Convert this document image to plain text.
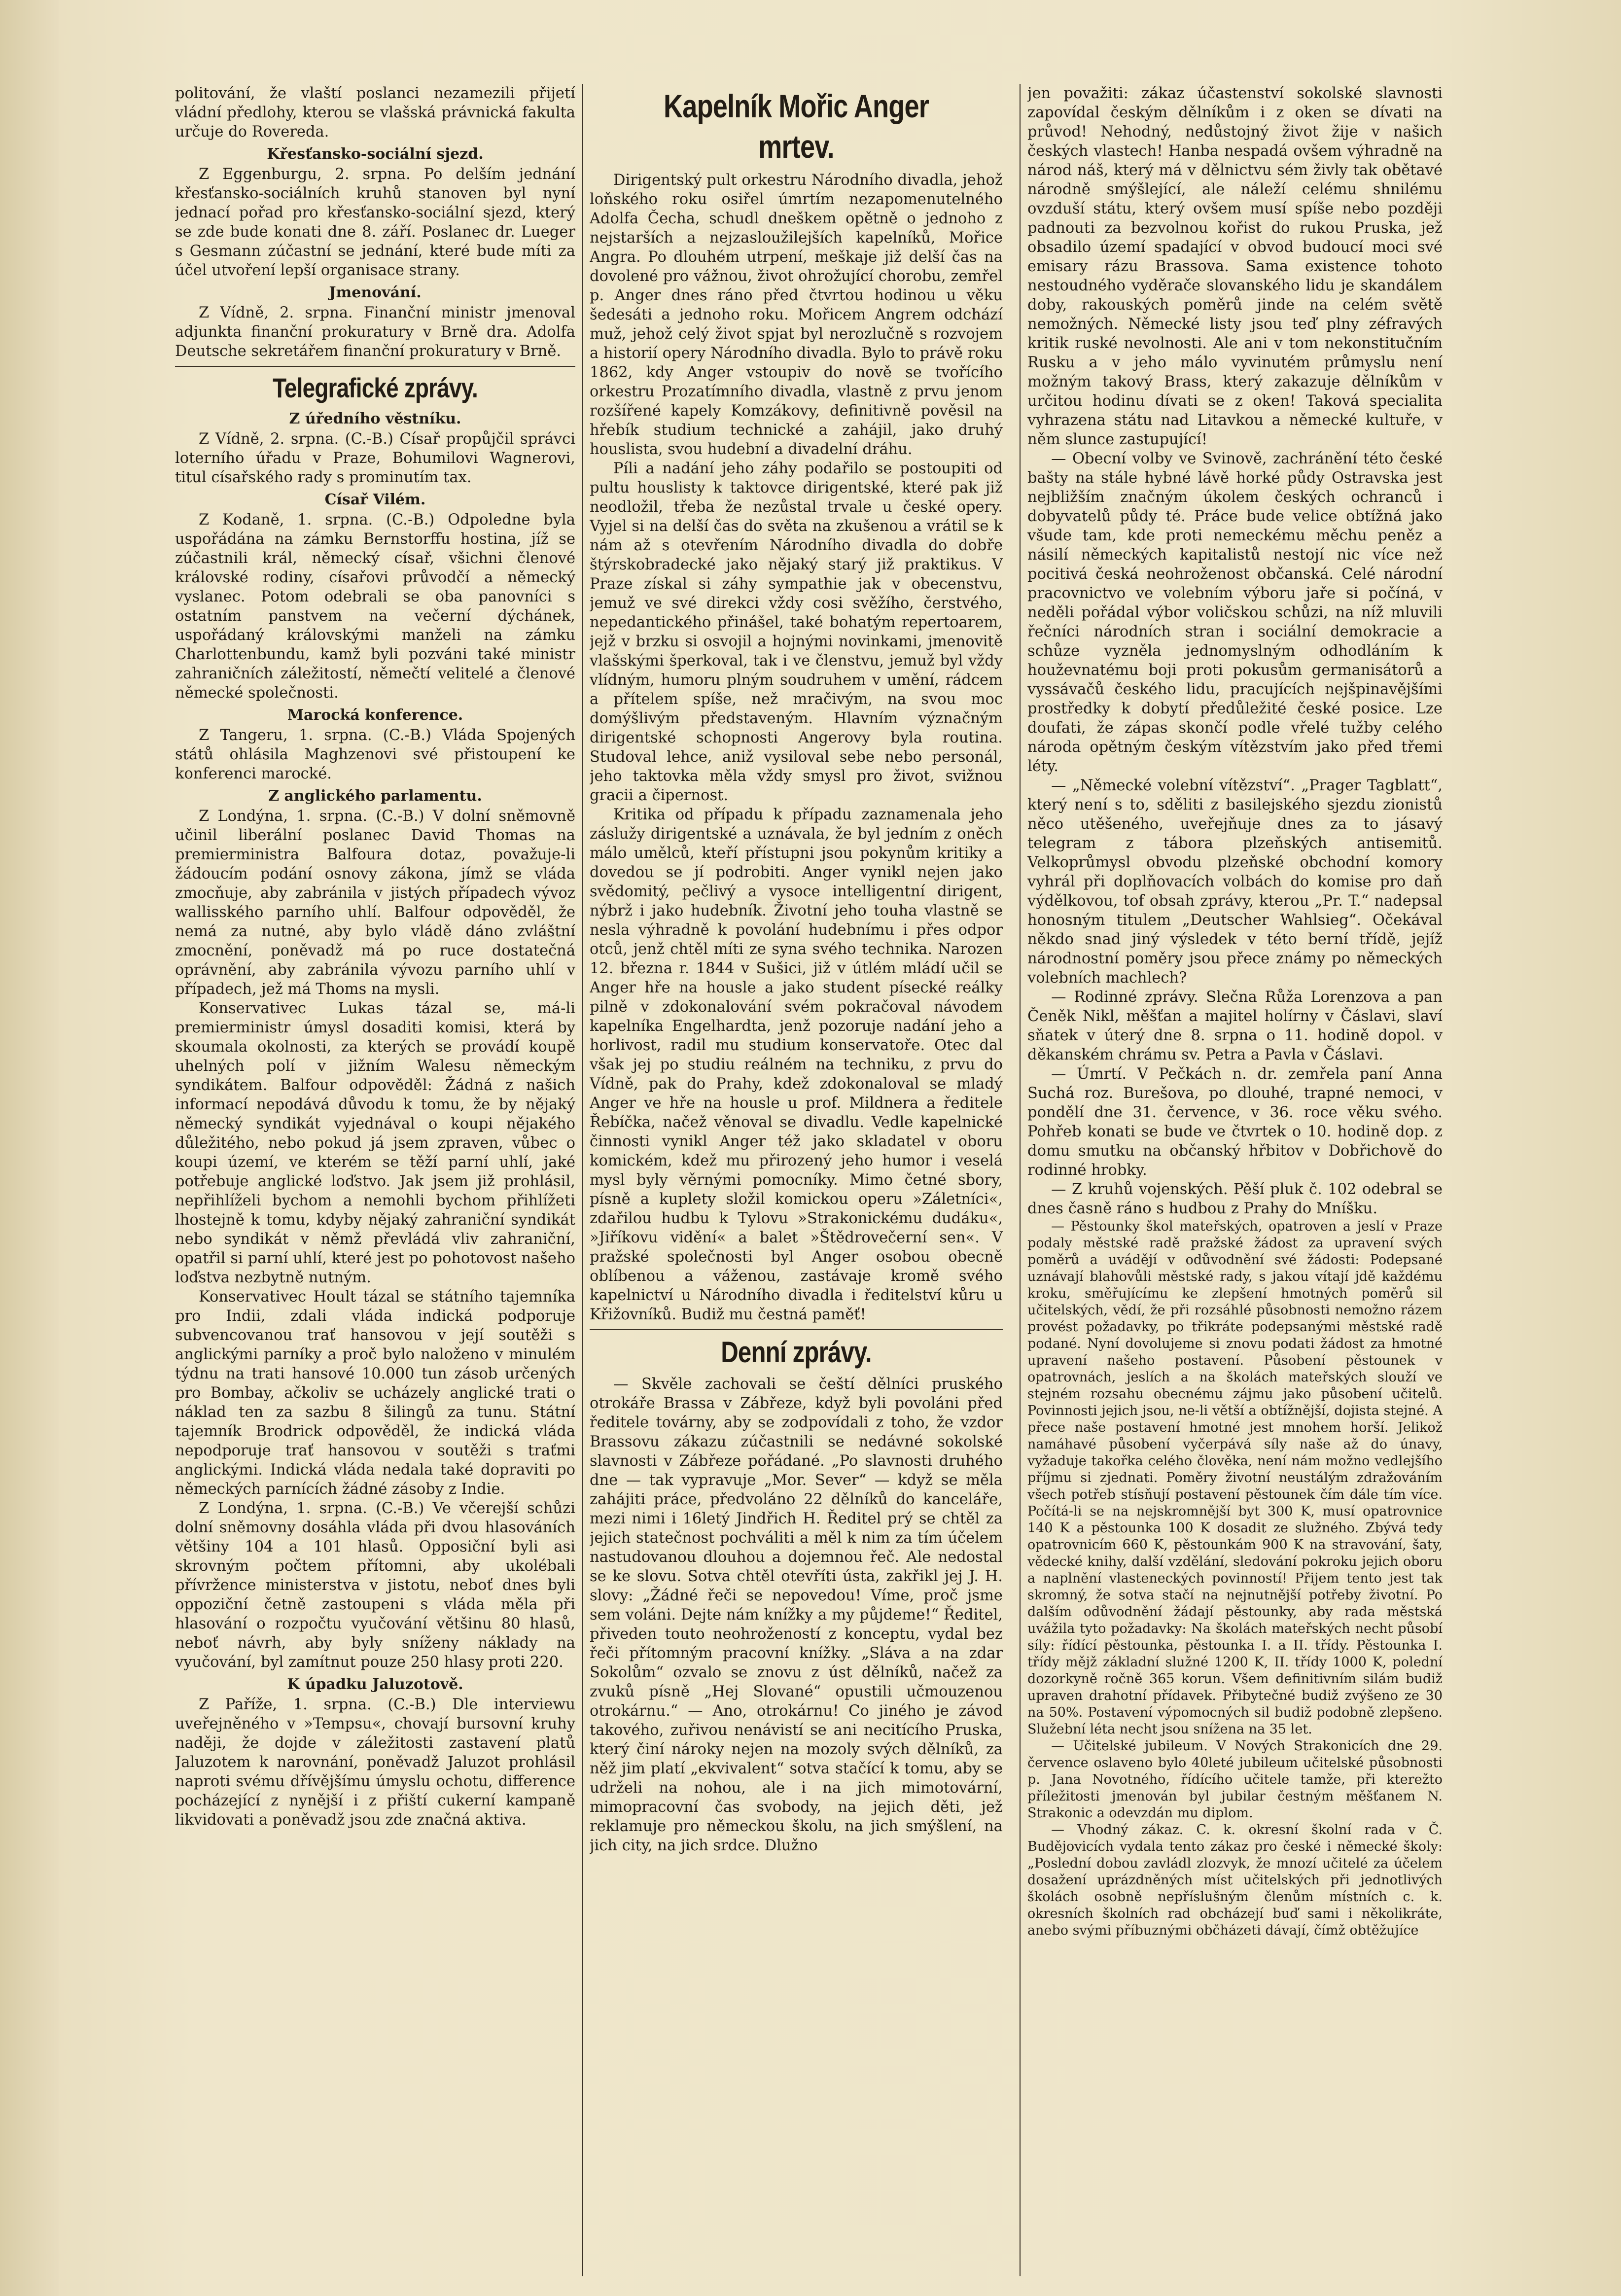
politování, že vlaští poslanci nezamezili přijetí vládní předlohy, kterou se vlašská právnická fakulta určuje do Rovereda.

Křesťansko-sociální sjezd.

Z Eggenburgu, 2. srpna. Po delším jednání křesťansko-sociálních kruhů stanoven byl nyní jednací pořad pro křesťansko-sociální sjezd, který se zde bude konati dne 8. září. Poslanec dr. Lueger s Gesmann zúčastní se jednání, které bude míti za účel utvoření lepší organisace strany.

Jmenování.

Z Vídně, 2. srpna. Finanční ministr jmenoval adjunkta finanční prokuratury v Brně dra. Adolfa Deutsche sekretářem finanční prokuratury v Brně.

Telegrafické zprávy.
Z úředního věstníku.

Z Vídně, 2. srpna. (C.-B.) Císař propůjčil správci loterního úřadu v Praze, Bohumilovi Wagnerovi, titul císařského rady s prominutím tax.

Císař Vilém.

Z Kodaně, 1. srpna. (C.-B.) Odpoledne byla uspořádána na zámku Bernstorffu hostina, jíž se zúčastnili král, německý císař, všichni členové královské rodiny, císařovi průvodčí a německý vyslanec. Potom odebrali se oba panovníci s ostatním panstvem na večerní dýchánek, uspořádaný královskými manželi na zámku Charlottenbundu, kamž byli pozváni také ministr zahraničních záležitostí, němečtí velitelé a členové německé společnosti.

Marocká konference.

Z Tangeru, 1. srpna. (C.-B.) Vláda Spojených států ohlásila Maghzenovi své přistoupení ke konferenci marocké.

Z anglického parlamentu.

Z Londýna, 1. srpna. (C.-B.) V dolní sněmovně učinil liberální poslanec David Thomas na premierministra Balfoura dotaz, považuje-li žádoucím podání osnovy zákona, jímž se vláda zmocňuje, aby zabránila v jistých případech vývoz wallisského parního uhlí. Balfour odpověděl, že nemá za nutné, aby bylo vládě dáno zvláštní zmocnění, poněvadž má po ruce dostatečná oprávnění, aby zabránila vývozu parního uhlí v případech, jež má Thoms na mysli.

Konservativec Lukas tázal se, má-li premierministr úmysl dosaditi komisi, která by skoumala okolnosti, za kterých se provádí koupě uhelných polí v jižním Walesu německým syndikátem. Balfour odpověděl: Žádná z našich informací nepodává důvodu k tomu, že by nějaký německý syndikát vyjednával o koupi nějakého důležitého, nebo pokud já jsem zpraven, vůbec o koupi území, ve kterém se těží parní uhlí, jaké potřebuje anglické loďstvo. Jak jsem již prohlásil, nepřihlíželi bychom a nemohli bychom přihlížeti lhostejně k tomu, kdyby nějaký zahraniční syndikát nebo syndikát v němž převládá vliv zahraniční, opatřil si parní uhlí, které jest po pohotovost našeho loďstva nezbytně nutným.

Konservativec Hoult tázal se státního tajemníka pro Indii, zdali vláda indická podporuje subvencovanou trať hansovou v její soutěži s anglickými parníky a proč bylo naloženo v minulém týdnu na trati hansové 10.000 tun zásob určených pro Bombay, ačkoliv se ucházely anglické trati o náklad ten za sazbu 8 šilingů za tunu. Státní tajemník Brodrick odpověděl, že indická vláda nepodporuje trať hansovou v soutěži s traťmi anglickými. Indická vláda nedala také dopraviti po německých parnících žádné zásoby z Indie.

Z Londýna, 1. srpna. (C.-B.) Ve včerejší schůzi dolní sněmovny dosáhla vláda při dvou hlasováních většiny 104 a 101 hlasů. Opposiční byli asi skrovným počtem přítomni, aby ukolébali přívržence ministerstva v jistotu, neboť dnes byli oppoziční četně zastoupeni s vláda měla při hlasování o rozpočtu vyučování většinu 80 hlasů, neboť návrh, aby byly sníženy náklady na vyučování, byl zamítnut pouze 250 hlasy proti 220.

K úpadku Jaluzotově.

Z Paříže, 1. srpna. (C.-B.) Dle interviewu uveřejněného v »Tempsu«, chovají bursovní kruhy naději, že dojde v záležitosti zastavení platů Jaluzotem k narovnání, poněvadž Jaluzot prohlásil naproti svému dřívějšímu úmyslu ochotu, difference pocházející z nynější i z přiští cukerní kampaně likvidovati a poněvadž jsou zde značná aktiva.

Kapelník Mořic Anger mrtev.

Dirigentský pult orkestru Národního divadla, jehož loňského roku osiřel úmrtím nezapomenutelného Adolfa Čecha, schudl dneškem opětně o jednoho z nejstarších a nejzasloužilejších kapelníků, Mořice Angra. Po dlouhém utrpení, meškaje již delší čas na dovolené pro vážnou, život ohrožující chorobu, zemřel p. Anger dnes ráno před čtvrtou hodinou u věku šedesáti a jednoho roku. Mořicem Angrem odchází muž, jehož celý život spjat byl nerozlučně s rozvojem a historií opery Národního divadla. Bylo to právě roku 1862, kdy Anger vstoupiv do nově se tvořícího orkestru Prozatímního divadla, vlastně z prvu jenom rozšířené kapely Komzákovy, definitivně pověsil na hřebík studium technické a zahájil, jako druhý houslista, svou hudební a divadelní dráhu.

Píli a nadání jeho záhy podařilo se postoupiti od pultu houslisty k taktovce dirigentské, které pak již neodložil, třeba že nezůstal trvale u české opery. Vyjel si na delší čas do světa na zkušenou a vrátil se k nám až s otevřením Národního divadla do dobře štýrskobradecké jako nějaký starý již praktikus. V Praze získal si záhy sympathie jak v obecenstvu, jemuž ve své direkci vždy cosi svěžího, čerstvého, nepedantického přinášel, také bohatým repertoarem, jejž v brzku si osvojil a hojnými novinkami, jmenovitě vlašskými šperkoval, tak i ve členstvu, jemuž byl vždy vlídným, humoru plným soudruhem v umění, rádcem a přítelem spíše, než mračivým, na svou moc domýšlivým představeným. Hlavním význačným dirigentské schopnosti Angerovy byla routina. Studoval lehce, aniž vysiloval sebe nebo personál, jeho taktovka měla vždy smysl pro život, svižnou gracii a čipernost.

Kritika od případu k případu zaznamenala jeho záslužy dirigentské a uznávala, že byl jedním z oněch málo umělců, kteří přístupni jsou pokynům kritiky a dovedou se jí podrobiti. Anger vynikl nejen jako svědomitý, pečlivý a vysoce intelligentní dirigent, nýbrž i jako hudebník. Životní jeho touha vlastně se nesla výhradně k povolání hudebnímu i přes odpor otců, jenž chtěl míti ze syna svého technika. Narozen 12. března r. 1844 v Sušici, již v útlém mládí učil se Anger hře na housle a jako student písecké reálky pilně v zdokonalování svém pokračoval návodem kapelníka Engelhardta, jenž pozoruje nadání jeho a horlivost, radil mu studium konservatoře. Otec dal však jej po studiu reálném na techniku, z prvu do Vídně, pak do Prahy, kdež zdokonaloval se mladý Anger ve hře na housle u prof. Mildnera a ředitele Řebíčka, načež věnoval se divadlu. Vedle kapelnické činnosti vynikl Anger též jako skladatel v oboru komickém, kdež mu přirozený jeho humor i veselá mysl byly věrnými pomocníky. Mimo četné sbory, písně a kuplety složil komickou operu »Záletníci«, zdařilou hudbu k Tylovu »Strakonickému dudáku«, »Jiříkovu vidění« a balet »Štědrovečerní sen«. V pražské společnosti byl Anger osobou obecně oblíbenou a váženou, zastávaje kromě svého kapelnictví u Národního divadla i ředitelství kůru u Křižovníků. Budiž mu čestná paměť!

Denní zprávy.

— Skvěle zachovali se čeští dělníci pruského otrokáře Brassa v Zábřeze, když byli povoláni před ředitele továrny, aby se zodpovídali z toho, že vzdor Brassovu zákazu zúčastnili se nedávné sokolské slavnosti v Zábřeze pořádané. „Po slavnosti druhého dne — tak vypravuje „Mor. Sever“ — když se měla zahájiti práce, předvoláno 22 dělníků do kanceláře, mezi nimi i 16letý Jindřich H. Ředitel prý se chtěl za jejich statečnost pochváliti a měl k nim za tím účelem nastudovanou dlouhou a dojemnou řeč. Ale nedostal se ke slovu. Sotva chtěl otevříti ústa, zakřikl jej J. H. slovy: „Žádné řeči se nepovedou! Víme, proč jsme sem voláni. Dejte nám knížky a my půjdeme!“ Ředitel, přiveden touto neohrožeností z konceptu, vydal bez řeči přítomným pracovní knížky. „Sláva a na zdar Sokolům“ ozvalo se znovu z úst dělníků, načež za zvuků písně „Hej Slované“ opustili učmouzenou otrokárnu.“ — Ano, otrokárnu! Co jiného je závod takového, zuřivou nenávistí se ani necitícího Pruska, který činí nároky nejen na mozoly svých dělníků, za něž jim platí „ekvivalent“ sotva stačící k tomu, aby se udrželi na nohou, ale i na jich mimotovární, mimopracovní čas svobody, na jejich děti, jež reklamuje pro německou školu, na jich smýšlení, na jich city, na jich srdce. Dlužno

jen považiti: zákaz účastenství sokolské slavnosti zapovídal českým dělníkům i z oken se dívati na průvod! Nehodný, nedůstojný život žije v našich českých vlastech! Hanba nespadá ovšem výhradně na národ náš, který má v dělnictvu sém živly tak obětavé národně smýšlející, ale náleží celému shnilému ovzduší státu, který ovšem musí spíše nebo později padnouti za bezvolnou kořist do rukou Pruska, jež obsadilo území spadající v obvod budoucí moci své emisary rázu Brassova. Sama existence tohoto nestoudného vyděrače slovanského lidu je skandálem doby, rakouských poměrů jinde na celém světě nemožných. Německé listy jsou teď plny zéfravých kritik ruské nevolnosti. Ale ani v tom nekonstitučním Rusku a v jeho málo vyvinutém průmyslu není možným takový Brass, který zakazuje dělníkům v určitou hodinu dívati se z oken! Taková specialita vyhrazena státu nad Litavkou a německé kultuře, v něm slunce zastupující!

— Obecní volby ve Svinově, zachránění této české bašty na stále hybné lávě horké půdy Ostravska jest nejbližším značným úkolem českých ochranců i dobyvatelů půdy té. Práce bude velice obtížná jako všude tam, kde proti nemeckému měchu peněz a násilí německých kapitalistů nestojí nic více než pocitivá česká neohroženost občanská. Celé národní pracovnictvo ve volebním výboru jaře si počíná, v neděli pořádal výbor voličskou schůzi, na níž mluvili řečníci národních stran i sociální demokracie a schůze vyzněla jednomyslným odhodláním k houževnatému boji proti pokusům germanisátorů a vyssávačů českého lidu, pracujících nejšpinavějšími prostředky k dobytí předůležité české posice. Lze doufati, že zápas skončí podle vřelé tužby celého národa opětným českým vítězstvím jako před třemi léty.

— „Německé volební vítězství“. „Prager Tagblatt“, který není s to, sděliti z basilejského sjezdu zionistů něco utěšeného, uveřejňuje dnes za to jásavý telegram z tábora plzeňských antisemitů. Velkoprůmysl obvodu plzeňské obchodní komory vyhrál při doplňovacích volbách do komise pro daň výdělkovou, tof obsah zprávy, kterou „Pr. T.“ nadepsal honosným titulem „Deutscher Wahlsieg“. Očekával někdo snad jiný výsledek v této berní třídě, jejíž národnostní poměry jsou přece známy po německých volebních machlech?

— Rodinné zprávy. Slečna Růža Lorenzova a pan Čeněk Nikl, měšťan a majitel holírny v Čáslavi, slaví sňatek v úterý dne 8. srpna o 11. hodině dopol. v děkanském chrámu sv. Petra a Pavla v Čáslavi.

— Úmrtí. V Pečkách n. dr. zemřela paní Anna Suchá roz. Burešova, po dlouhé, trapné nemoci, v pondělí dne 31. července, v 36. roce věku svého. Pohřeb konati se bude ve čtvrtek o 10. hodině dop. z domu smutku na občanský hřbitov v Dobřichově do rodinné hrobky.

— Z kruhů vojenských. Pěší pluk č. 102 odebral se dnes časně ráno s hudbou z Prahy do Mníšku.

— Pěstounky škol mateřských, opatroven a jeslí v Praze podaly městské radě pražské žádost za upravení svých poměrů a uvádějí v odůvodnění své žádosti: Podepsané uznávají blahovůli městské rady, s jakou vítají jdě každému kroku, směřujícímu ke zlepšení hmotných poměrů sil učitelských, vědí, že při rozsáhlé působnosti nemožno rázem provést požadavky, po třikráte podepsanými městské radě podané. Nyní dovolujeme si znovu podati žádost za hmotné upravení našeho postavení. Působení pěstounek v opatrovnách, jeslích a na školách mateřských slouží ve stejném rozsahu obecnému zájmu jako působení učitelů. Povinnosti jejich jsou, ne-li větší a obtížnější, dojista stejné. A přece naše postavení hmotné jest mnohem horší. Jelikož namáhavé působení vyčerpává síly naše až do únavy, vyžaduje takořka celého člověka, není nám možno vedlejšího příjmu si zjednati. Poměry životní neustálým zdražováním všech potřeb stísňují postavení pěstounek čím dále tím více. Počítá-li se na nejskromnější byt 300 K, musí opatrovnice 140 K a pěstounka 100 K dosadit ze služného. Zbývá tedy opatrovnicím 660 K, pěstounkám 900 K na stravování, šaty, vědecké knihy, další vzdělání, sledování pokroku jejich oboru a naplnění vlasteneckých povinností! Přijem tento jest tak skromný, že sotva stačí na nejnutnější potřeby životní. Po dalším odůvodnění žádají pěstounky, aby rada městská uvážila tyto požadavky: Na školách mateřských necht působí síly: řídící pěstounka, pěstounka I. a II. třídy. Pěstounka I. třídy mějž základní služné 1200 K, II. třídy 1000 K, polední dozorkyně ročně 365 korun. Všem definitivním silám budiž upraven drahotní přídavek. Přibytečné budiž zvýšeno ze 30 na 50%. Postavení výpomocných sil budiž podobně zlepšeno. Služební léta necht jsou snížena na 35 let.

— Učitelské jubileum. V Nových Strakonicích dne 29. července oslaveno bylo 40leté jubileum učitelské působnosti p. Jana Novotného, řídícího učitele tamže, při kterežto příležitosti jmenován byl jubilar čestným měšťanem N. Strakonic a odevzdán mu diplom.

— Vhodný zákaz. C. k. okresní školní rada v Č. Budějovicích vydala tento zákaz pro české i německé školy: „Poslední dobou zavládl zlozvyk, že mnozí učitelé za účelem dosažení uprázdněných míst učitelských při jednotlivých školách osobně nepříslušným členům místních c. k. okresních školních rad obcházejí buď sami i několikráte, anebo svými příbuznými občházeti dávají, čímž obtěžujíce
